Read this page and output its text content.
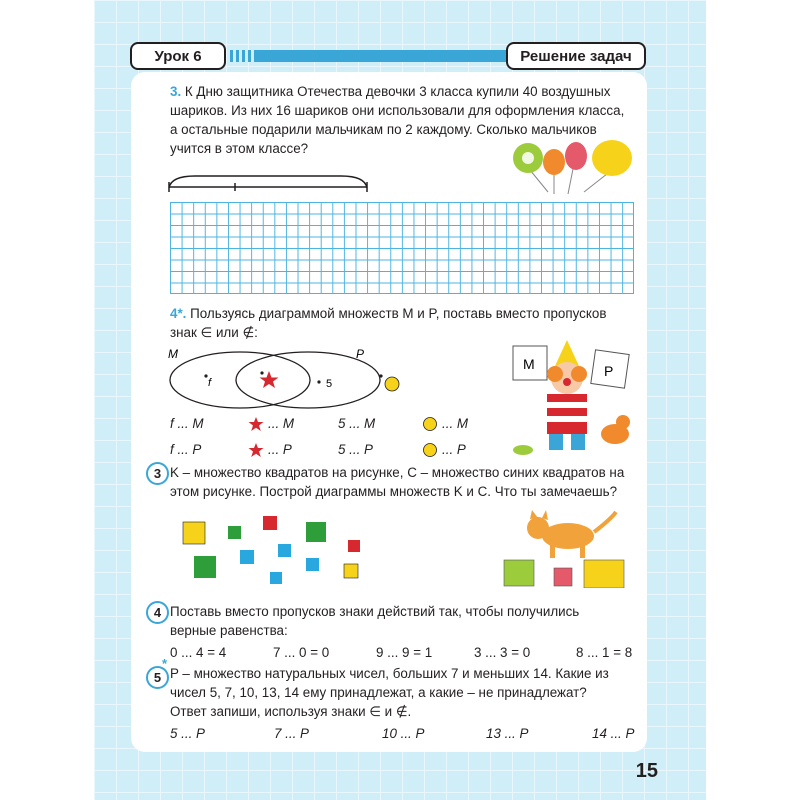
Урок 6	Решение задач
3. К Дню защитника Отечества девочки 3 класса купили 40 воздушных
шариков. Из них 16 шариков они использовали для оформления класса,
а остальные подарили мальчикам по 2 каждому. Сколько мальчиков
учится в этом классе?
4*. Пользуясь диаграммой множеств M и P, поставь вместо пропусков
знак ∈ или ∉:
M	P
f	5
f ... M	... M	5 ... M	... M
f ... P	... P	5 ... P	... P
M	P
3 K – множество квадратов на рисунке, C – множество синих квадратов на
этом рисунке. Построй диаграммы множеств K и C. Что ты замечаешь?
4 Поставь вместо пропусков знаки действий так, чтобы получились
верные равенства:
0 ... 4 = 4	7 ... 0 = 0	9 ... 9 = 1	3 ... 3 = 0	8 ... 1 = 8
5
*
P – множество натуральных чисел, больших 7 и меньших 14. Какие из
чисел 5, 7, 10, 13, 14 ему принадлежат, а какие – не принадлежат?
Ответ запиши, используя знаки ∈ и ∉.
5 ... P	7 ... P	10 ... P	13 ... P	14 ... P
15
